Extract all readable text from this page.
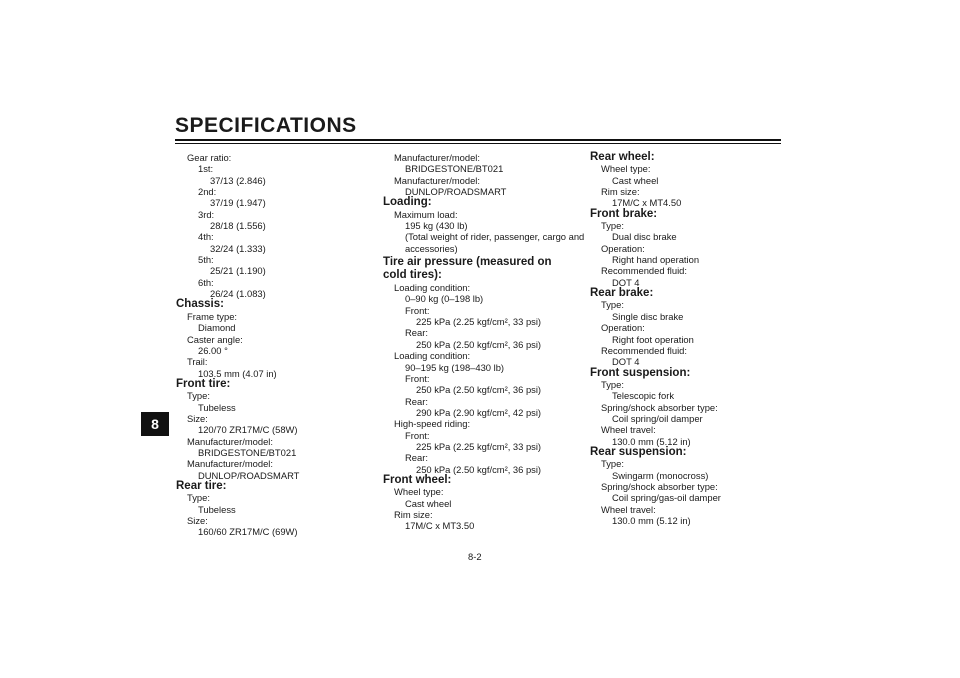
SPECIFICATIONS
8
Gear ratio:
1st:
37/13 (2.846)
2nd:
37/19 (1.947)
3rd:
28/18 (1.556)
4th:
32/24 (1.333)
5th:
25/21 (1.190)
6th:
26/24 (1.083)
Chassis:
Frame type:
Diamond
Caster angle:
26.00 °
Trail:
103.5 mm (4.07 in)
Front tire:
Type:
Tubeless
Size:
120/70 ZR17M/C (58W)
Manufacturer/model:
BRIDGESTONE/BT021
Manufacturer/model:
DUNLOP/ROADSMART
Rear tire:
Type:
Tubeless
Size:
160/60 ZR17M/C (69W)
Manufacturer/model:
BRIDGESTONE/BT021
Manufacturer/model:
DUNLOP/ROADSMART
Loading:
Maximum load:
195 kg (430 lb)
(Total weight of rider, passenger, cargo and accessories)
Tire air pressure (measured on cold tires):
Loading condition:
0–90 kg (0–198 lb)
Front:
225 kPa (2.25 kgf/cm², 33 psi)
Rear:
250 kPa (2.50 kgf/cm², 36 psi)
Loading condition:
90–195 kg (198–430 lb)
Front:
250 kPa (2.50 kgf/cm², 36 psi)
Rear:
290 kPa (2.90 kgf/cm², 42 psi)
High-speed riding:
Front:
225 kPa (2.25 kgf/cm², 33 psi)
Rear:
250 kPa (2.50 kgf/cm², 36 psi)
Front wheel:
Wheel type:
Cast wheel
Rim size:
17M/C x MT3.50
Rear wheel:
Wheel type:
Cast wheel
Rim size:
17M/C x MT4.50
Front brake:
Type:
Dual disc brake
Operation:
Right hand operation
Recommended fluid:
DOT 4
Rear brake:
Type:
Single disc brake
Operation:
Right foot operation
Recommended fluid:
DOT 4
Front suspension:
Type:
Telescopic fork
Spring/shock absorber type:
Coil spring/oil damper
Wheel travel:
130.0 mm (5.12 in)
Rear suspension:
Type:
Swingarm (monocross)
Spring/shock absorber type:
Coil spring/gas-oil damper
Wheel travel:
130.0 mm (5.12 in)
8-2
